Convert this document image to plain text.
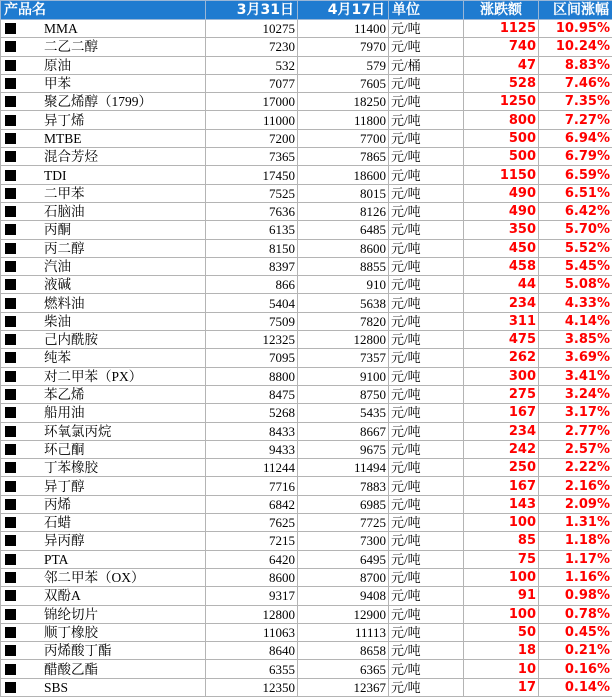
产品名	3月31日	4月17日	单位	涨跌额	区间涨幅
MMA	10275	11400	元/吨	1125	10.95%
二乙二醇	7230	7970	元/吨	740	10.24%
原油	532	579	元/桶	47	8.83%
甲苯	7077	7605	元/吨	528	7.46%
聚乙烯醇（1799）	17000	18250	元/吨	1250	7.35%
异丁烯	11000	11800	元/吨	800	7.27%
MTBE	7200	7700	元/吨	500	6.94%
混合芳烃	7365	7865	元/吨	500	6.79%
TDI	17450	18600	元/吨	1150	6.59%
二甲苯	7525	8015	元/吨	490	6.51%
石脑油	7636	8126	元/吨	490	6.42%
丙酮	6135	6485	元/吨	350	5.70%
丙二醇	8150	8600	元/吨	450	5.52%
汽油	8397	8855	元/吨	458	5.45%
液碱	866	910	元/吨	44	5.08%
燃料油	5404	5638	元/吨	234	4.33%
柴油	7509	7820	元/吨	311	4.14%
己内酰胺	12325	12800	元/吨	475	3.85%
纯苯	7095	7357	元/吨	262	3.69%
对二甲苯（PX）	8800	9100	元/吨	300	3.41%
苯乙烯	8475	8750	元/吨	275	3.24%
船用油	5268	5435	元/吨	167	3.17%
环氧氯丙烷	8433	8667	元/吨	234	2.77%
环己酮	9433	9675	元/吨	242	2.57%
丁苯橡胶	11244	11494	元/吨	250	2.22%
异丁醇	7716	7883	元/吨	167	2.16%
丙烯	6842	6985	元/吨	143	2.09%
石蜡	7625	7725	元/吨	100	1.31%
异丙醇	7215	7300	元/吨	85	1.18%
PTA	6420	6495	元/吨	75	1.17%
邻二甲苯（OX）	8600	8700	元/吨	100	1.16%
双酚A	9317	9408	元/吨	91	0.98%
锦纶切片	12800	12900	元/吨	100	0.78%
顺丁橡胶	11063	11113	元/吨	50	0.45%
丙烯酸丁酯	8640	8658	元/吨	18	0.21%
醋酸乙酯	6355	6365	元/吨	10	0.16%
SBS	12350	12367	元/吨	17	0.14%
